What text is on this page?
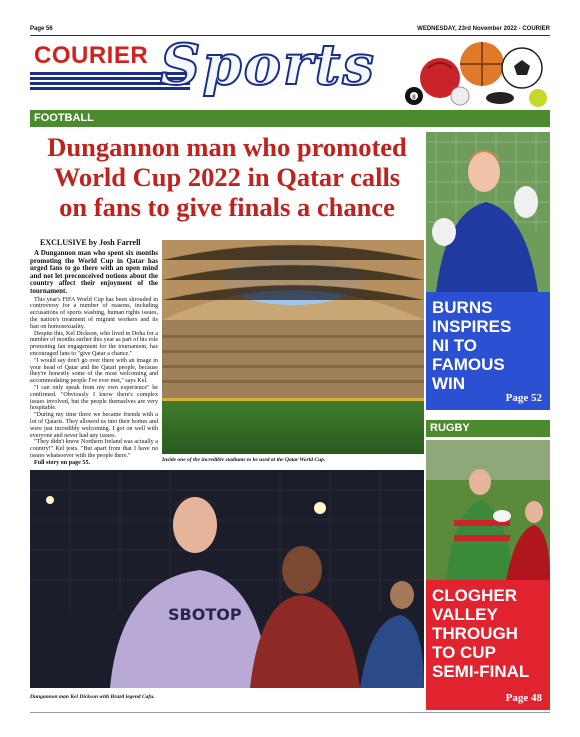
Page 56	WEDNESDAY, 23rd November 2022 - COURIER
COURIER Sports	8
FOOTBALL
Dungannon man who promoted
World Cup 2022 in Qatar calls
on fans to give finals a chance
EXCLUSIVE by Josh Farrell

A Dungannon man who spent six months promoting the World Cup in Qatar has urged fans to go there with an open mind and not let preconceived notions about the country affect their enjoyment of the tournament.

This year's FIFA World Cup has been shrouded in controversy for a number of reasons, including accusations of sports washing, human rights issues, the nation's treatment of migrant workers and its ban on homosexuality.

Despite this, Kel Dickson, who lived in Doha for a number of months earlier this year as part of his role promoting fan engagement for the tournament, has encouraged fans to "give Qatar a chance."

"I would say don't go over there with an image in your head of Qatar and the Qatari people, because they're honestly some of the most welcoming and accommodating people I've ever met," says Kel.

"I can only speak from my own experience" he confirmed. "Obviously I know there's complex issues involved, but the people themselves are very hospitable.

"During my time there we became friends with a lot of Qataris. They allowed us into their homes and were just incredibly welcoming. I got on well with everyone and never had any issues.

"They didn't know Northern Ireland was actually a country!" Kel jests. "But apart from that I have no issues whatsoever with the people there."

Full story on page 55.	Inside one of the incredible stadiums to be used at the Qatar World Cup.
SBOTOP
Dungannon man Kel Dickson with Brazil legend Cafu.
BURNS
INSPIRES
NI TO
FAMOUS
WIN
Page 52
RUGBY
CLOGHER
VALLEY
THROUGH
TO CUP
SEMI-FINAL
Page 48
